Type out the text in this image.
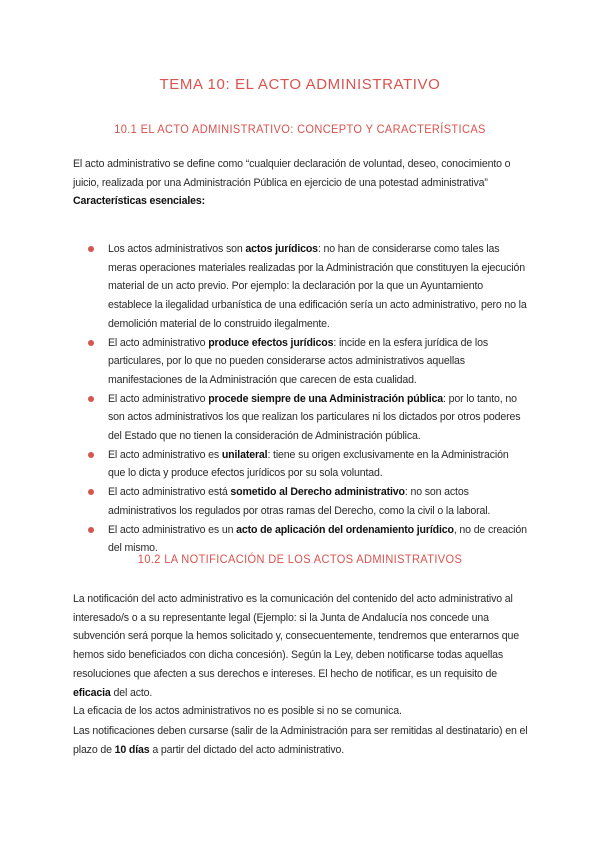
TEMA 10: EL ACTO ADMINISTRATIVO
10.1 EL ACTO ADMINISTRATIVO: CONCEPTO Y CARACTERÍSTICAS
El acto administrativo se define como “cualquier declaración de voluntad, deseo, conocimiento o juicio, realizada por una Administración Pública en ejercicio de una potestad administrativa”
Características esenciales:
Los actos administrativos son actos jurídicos: no han de considerarse como tales las meras operaciones materiales realizadas por la Administración que constituyen la ejecución material de un acto previo. Por ejemplo: la declaración por la que un Ayuntamiento establece la ilegalidad urbanística de una edificación sería un acto administrativo, pero no la demolición material de lo construido ilegalmente.
El acto administrativo produce efectos jurídicos: incide en la esfera jurídica de los particulares, por lo que no pueden considerarse actos administrativos aquellas manifestaciones de la Administración que carecen de esta cualidad.
El acto administrativo procede siempre de una Administración pública: por lo tanto, no son actos administrativos los que realizan los particulares ni los dictados por otros poderes del Estado que no tienen la consideración de Administración pública.
El acto administrativo es unilateral: tiene su origen exclusivamente en la Administración que lo dicta y produce efectos jurídicos por su sola voluntad.
El acto administrativo está sometido al Derecho administrativo: no son actos administrativos los regulados por otras ramas del Derecho, como la civil o la laboral.
El acto administrativo es un acto de aplicación del ordenamiento jurídico, no de creación del mismo.
10.2 LA NOTIFICACIÓN DE LOS ACTOS ADMINISTRATIVOS
La notificación del acto administrativo es la comunicación del contenido del acto administrativo al interesado/s o a su representante legal (Ejemplo: si la Junta de Andalucía nos concede una subvención será porque la hemos solicitado y, consecuentemente, tendremos que enterarnos que hemos sido beneficiados con dicha concesión). Según la Ley, deben notificarse todas aquellas resoluciones que afecten a sus derechos e intereses. El hecho de notificar, es un requisito de eficacia del acto.
La eficacia de los actos administrativos no es posible si no se comunica.
Las notificaciones deben cursarse (salir de la Administración para ser remitidas al destinatario) en el plazo de 10 días a partir del dictado del acto administrativo.
